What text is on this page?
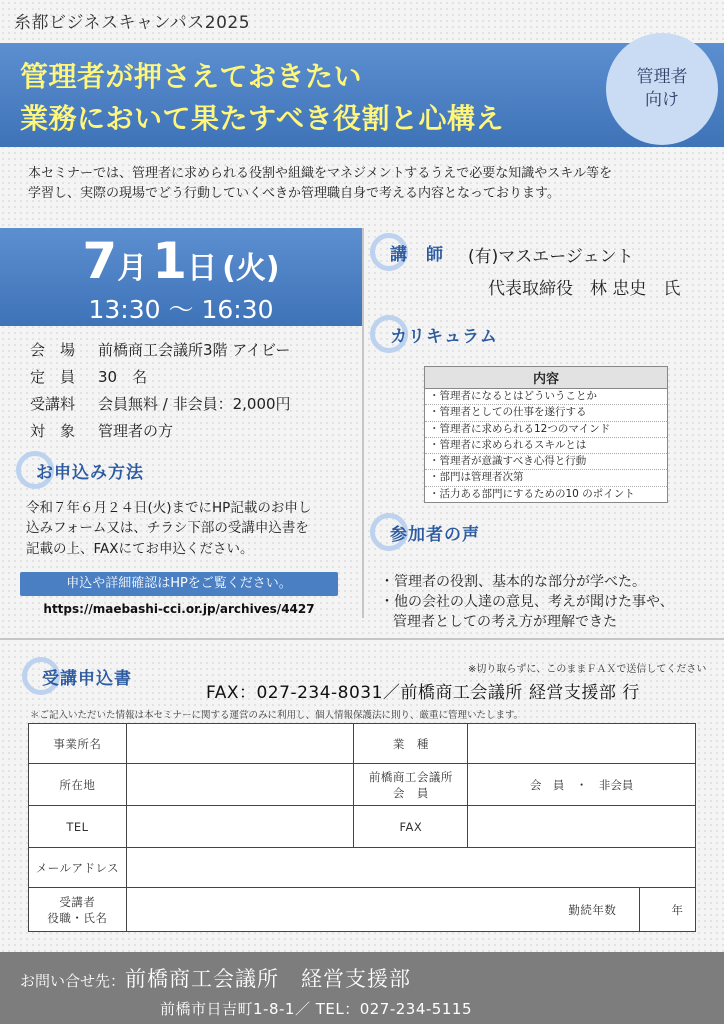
糸都ビジネスキャンパス2025
管理者が押さえておきたい
業務において果たすべき役割と心構え
管理者
向け
本セミナーでは、管理者に求められる役割や組織をマネジメントするうえで必要な知識やスキル等を
学習し、実際の現場でどう行動していくべきか管理職自身で考える内容となっております。
7月 1日 (火)
13:30 ～ 16:30
会　場 前橋商工会議所3階 アイビー
定　員 30　名
受講料 会員無料 / 非会員：2,000円
対　象 管理者の方
お申込み方法
令和７年６月２４日(火)までにHP記載のお申し
込みフォーム又は、チラシ下部の受講申込書を
記載の上、FAXにてお申込ください。
申込や詳細確認はHPをご覧ください。
https://maebashi-cci.or.jp/archives/4427
講　師 (有)マスエージェント
代表取締役　林 忠史　氏
カリキュラム
内容
・管理者になるとはどういうことか
・管理者としての仕事を遂行する
・管理者に求められる12つのマインド
・管理者に求められるスキルとは
・管理者が意識すべき心得と行動
・部門は管理者次第
・活力ある部門にするための10 のポイント
参加者の声
・管理者の役割、基本的な部分が学べた。
・他の会社の人達の意見、考えが聞けた事や、
管理者としての考え方が理解できた
受講申込書	※切り取らずに、このままＦＡＸで送信してください
FAX：027-234-8031／前橋商工会議所 経営支援部 行
＊ご記入いただいた情報は本セミナーに関する運営のみに利用し、個人情報保護法に則り、厳重に管理いたします。
事業所名		業　種			
所在地		前橋商工会議所
会　員	会　員　・　非会員		
TEL		FAX			
メールアドレス					

受講者
役職・氏名				勤続年数	年
お問い合せ先：前橋商工会議所　経営支援部
前橋市日吉町1-8-1／ TEL：027-234-5115
